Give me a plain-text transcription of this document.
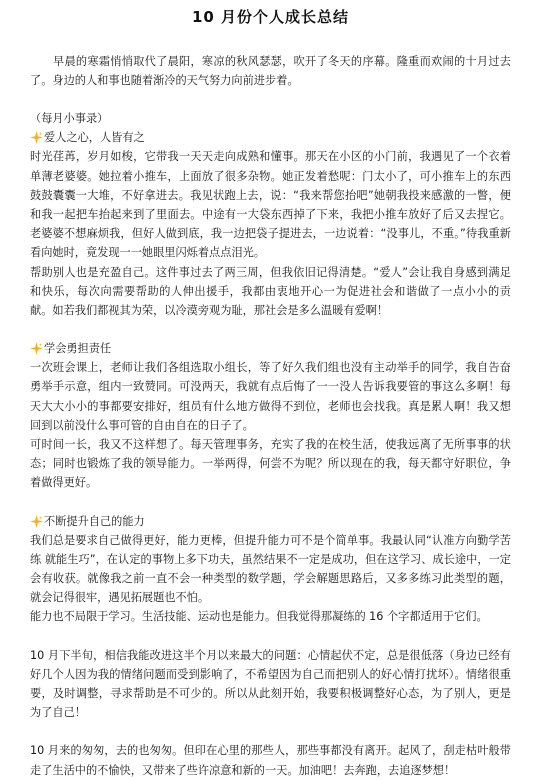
10 月份个人成长总结

早晨的寒霜悄悄取代了晨阳，寒凉的秋风瑟瑟，吹开了冬天的序幕。隆重而欢闹的十月过去了。身边的人和事也随着渐冷的天气努力向前进步着。

（每月小事录）

爱人之心，人皆有之

时光荏苒，岁月如梭，它带我一天天走向成熟和懂事。那天在小区的小门前，我遇见了一个衣着单薄老婆婆。她拉着小推车，上面放了很多杂物。她正发着愁呢：门太小了，可小推车上的东西鼓鼓囊囊一大堆，不好拿进去。我见状跑上去，说：“我来帮您抬吧”她朝我投来感激的一瞥，便和我一起把车抬起来到了里面去。中途有一大袋东西掉了下来，我把小推车放好了后又去捏它。老婆婆不想麻烦我，但好人做到底，我一边把袋子提进去，一边说着：“没事儿，不重。”待我重新看向她时，竟发现一一她眼里闪烁着点点泪光。

帮助别人也是充盈自己。这件事过去了两三周，但我依旧记得清楚。“爱人”会让我自身感到满足和快乐，每次向需要帮助的人伸出援手，我都由衷地开心一为促进社会和谐做了一点小小的贡献。如若我们都视其为荣，以冷漠旁观为耻，那社会是多么温暖有爱啊！

学会勇担责任

一次班会课上，老师让我们各组选取小组长，等了好久我们组也没有主动举手的同学，我自告奋勇举手示意，组内一致赞同。可没两天，我就有点后悔了一一没人告诉我要管的事这么多啊！每天大大小小的事都要安排好，组员有什么地方做得不到位，老师也会找我。真是累人啊！我又想回到以前没什么事可管的自由自在的日子了。

可时间一长，我又不这样想了。每天管理事务，充实了我的在校生活，使我远离了无所事事的状态；同时也锻炼了我的领导能力。一举两得，何尝不为呢？所以现在的我，每天都守好职位，争着做得更好。

不断提升自己的能力

我们总是要求自己做得更好，能力更棒，但提升能力可不是个简单事。我最认同“认准方向勤学苦练 就能生巧”，在认定的事物上多下功夫，虽然结果不一定是成功，但在这学习、成长途中，一定会有收获。就像我之前一直不会一种类型的数学题，学会解题思路后，又多多练习此类型的题，就会记得很牢，遇见拓展题也不怕。

能力也不局限于学习。生活技能、运动也是能力。但我觉得那凝练的 16 个字都适用于它们。

10 月下半旬，相信我能改进这半个月以来最大的问题：心情起伏不定，总是很低落（身边已经有好几个人因为我的情绪问题而受到影响了，不希望因为自己而把别人的好心情打扰坏）。情绪很重要，及时调整，寻求帮助是不可少的。所以从此刻开始，我要积极调整好心态，为了别人，更是为了自己！

10 月来的匆匆，去的也匆匆。但印在心里的那些人，那些事都没有离开。起风了，刮走枯叶般带走了生活中的不愉快，又带来了些许凉意和新的一天。加油吧！去奔跑，去追逐梦想！
